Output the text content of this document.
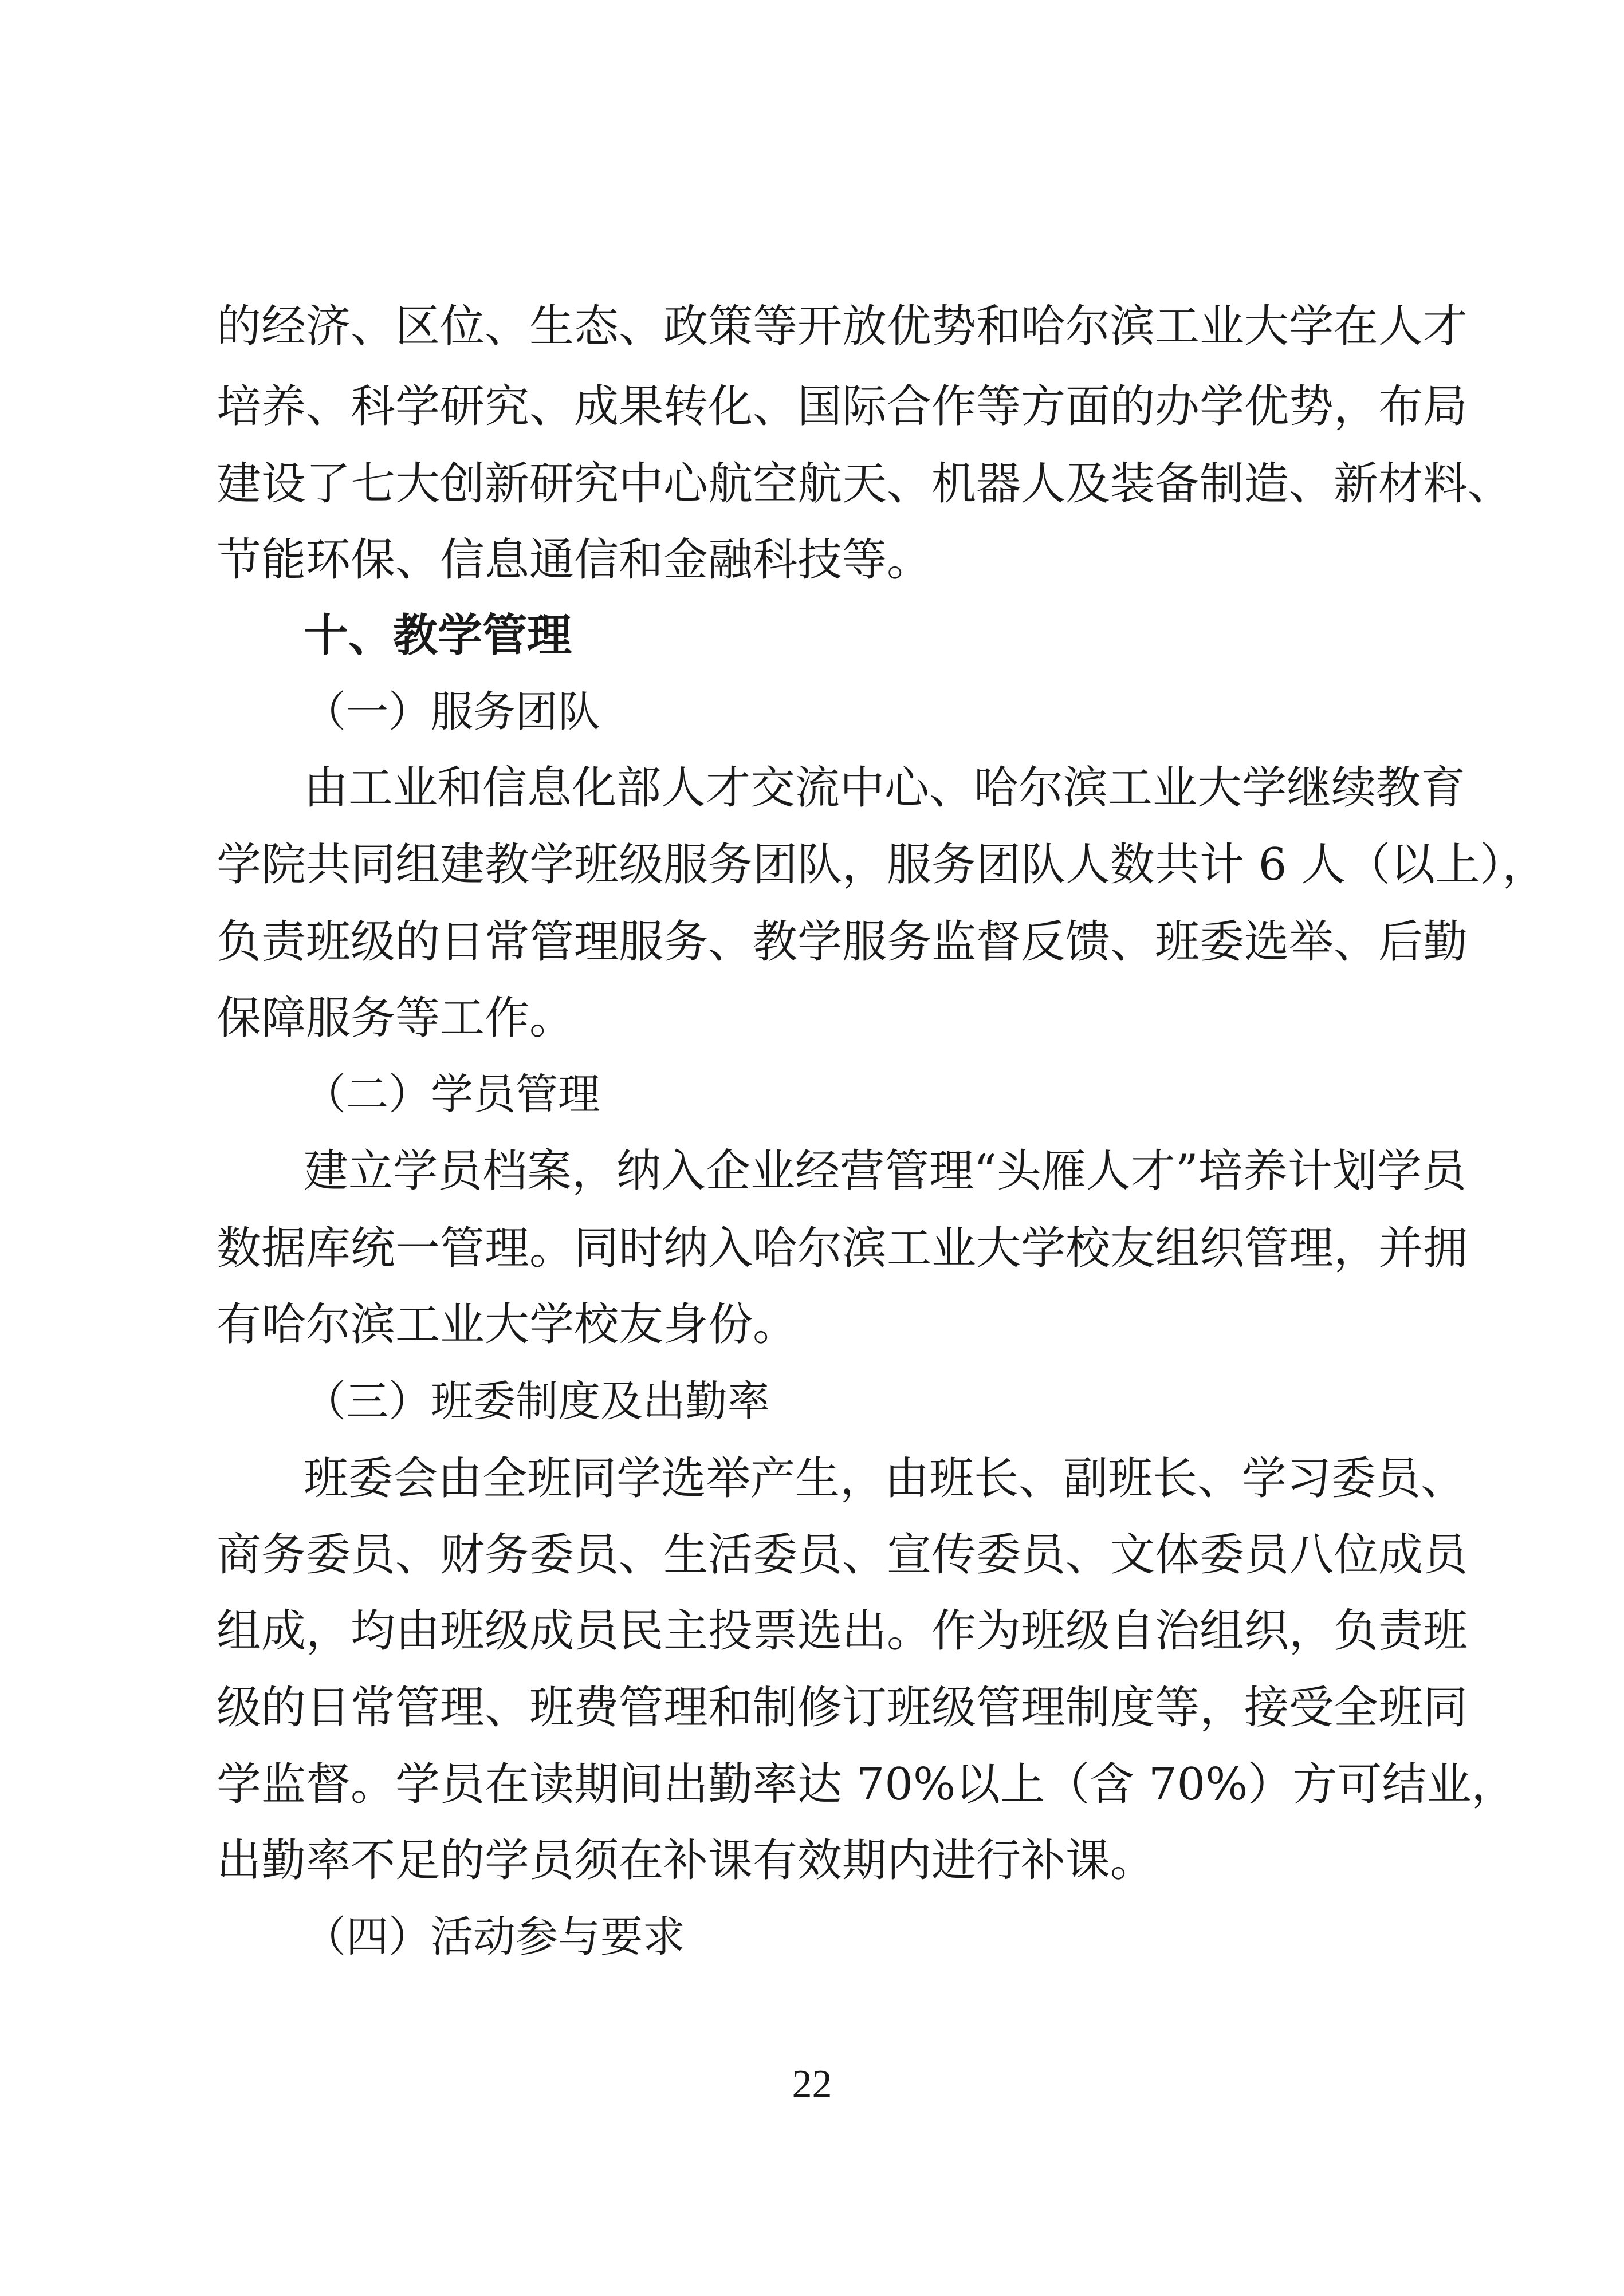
的经济、区位、生态、政策等开放优势和哈尔滨工业大学在人才

培养、科学研究、成果转化、国际合作等方面的办学优势，布局

建设了七大创新研究中心航空航天、机器人及装备制造、新材料、

节能环保、信息通信和金融科技等。

十、教学管理

（一）服务团队

由工业和信息化部人才交流中心、哈尔滨工业大学继续教育

学院共同组建教学班级服务团队，服务团队人数共计 6 人（以上），

负责班级的日常管理服务、教学服务监督反馈、班委选举、后勤

保障服务等工作。

（二）学员管理

建立学员档案，纳入企业经营管理“头雁人才”培养计划学员

数据库统一管理。同时纳入哈尔滨工业大学校友组织管理，并拥

有哈尔滨工业大学校友身份。

（三）班委制度及出勤率

班委会由全班同学选举产生，由班长、副班长、学习委员、

商务委员、财务委员、生活委员、宣传委员、文体委员八位成员

组成，均由班级成员民主投票选出。作为班级自治组织，负责班

级的日常管理、班费管理和制修订班级管理制度等，接受全班同

学监督。学员在读期间出勤率达 70%以上（含 70%）方可结业，

出勤率不足的学员须在补课有效期内进行补课。

（四）活动参与要求

22
